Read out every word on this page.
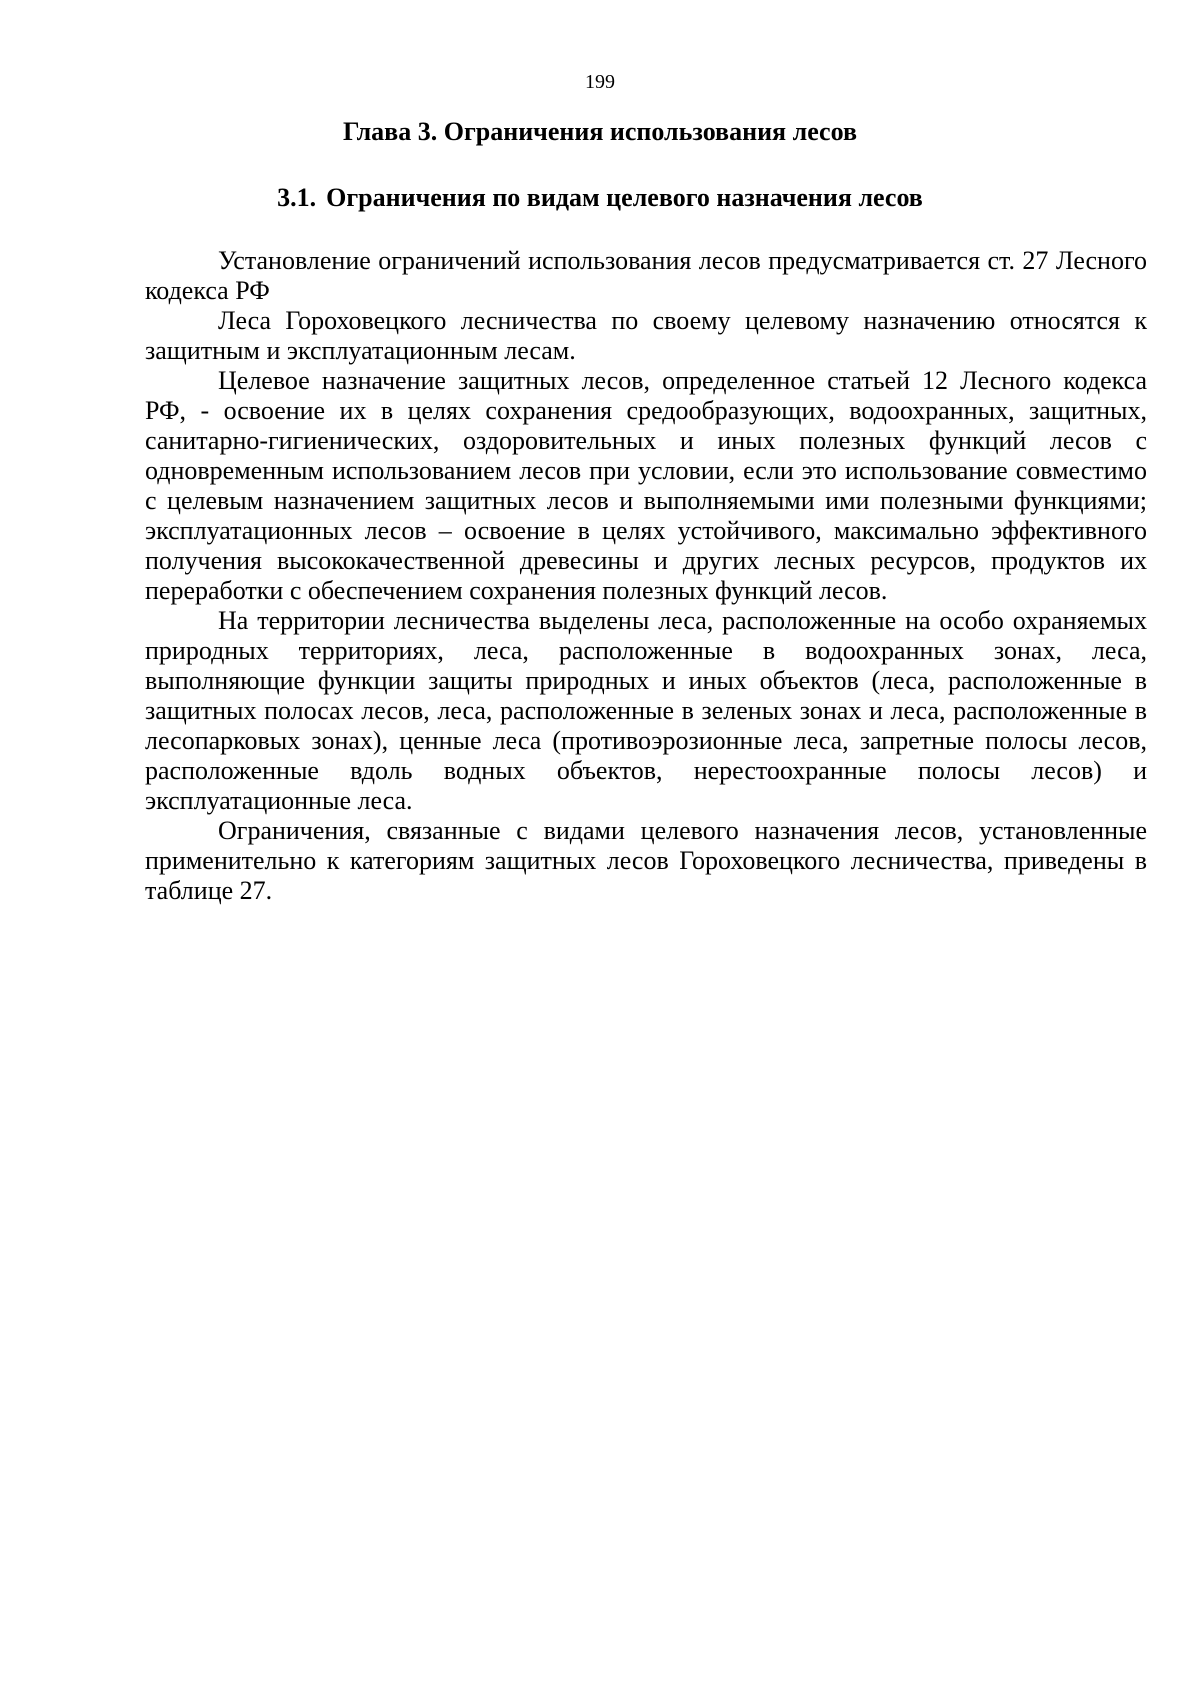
199
Глава 3. Ограничения использования лесов
3.1. Ограничения по видам целевого назначения лесов

Установление ограничений использования лесов предусматривается ст. 27 Лесного кодекса РФ

Леса Гороховецкого лесничества по своему целевому назначению относятся к защитным и эксплуатационным лесам.

Целевое назначение защитных лесов, определенное статьей 12 Лесного кодекса РФ, - освоение их в целях сохранения средообразующих, водоохранных, защитных, санитарно-гигиенических, оздоровительных и иных полезных функций лесов с одновременным использованием лесов при условии, если это использование совместимо с целевым назначением защитных лесов и выполняемыми ими полезными функциями; эксплуатационных лесов – освоение в целях устойчивого, максимально эффективного получения высококачественной древесины и других лесных ресурсов, продуктов их переработки с обеспечением сохранения полезных функций лесов.

На территории лесничества выделены леса, расположенные на особо охраняемых природных территориях, леса, расположенные в водоохранных зонах, леса, выполняющие функции защиты природных и иных объектов (леса, расположенные в защитных полосах лесов, леса, расположенные в зеленых зонах и леса, расположенные в лесопарковых зонах), ценные леса (противоэрозионные леса, запретные полосы лесов, расположенные вдоль водных объектов, нерестоохранные полосы лесов) и эксплуатационные леса.

Ограничения, связанные с видами целевого назначения лесов, установленные применительно к категориям защитных лесов Гороховецкого лесничества, приведены в таблице 27.
